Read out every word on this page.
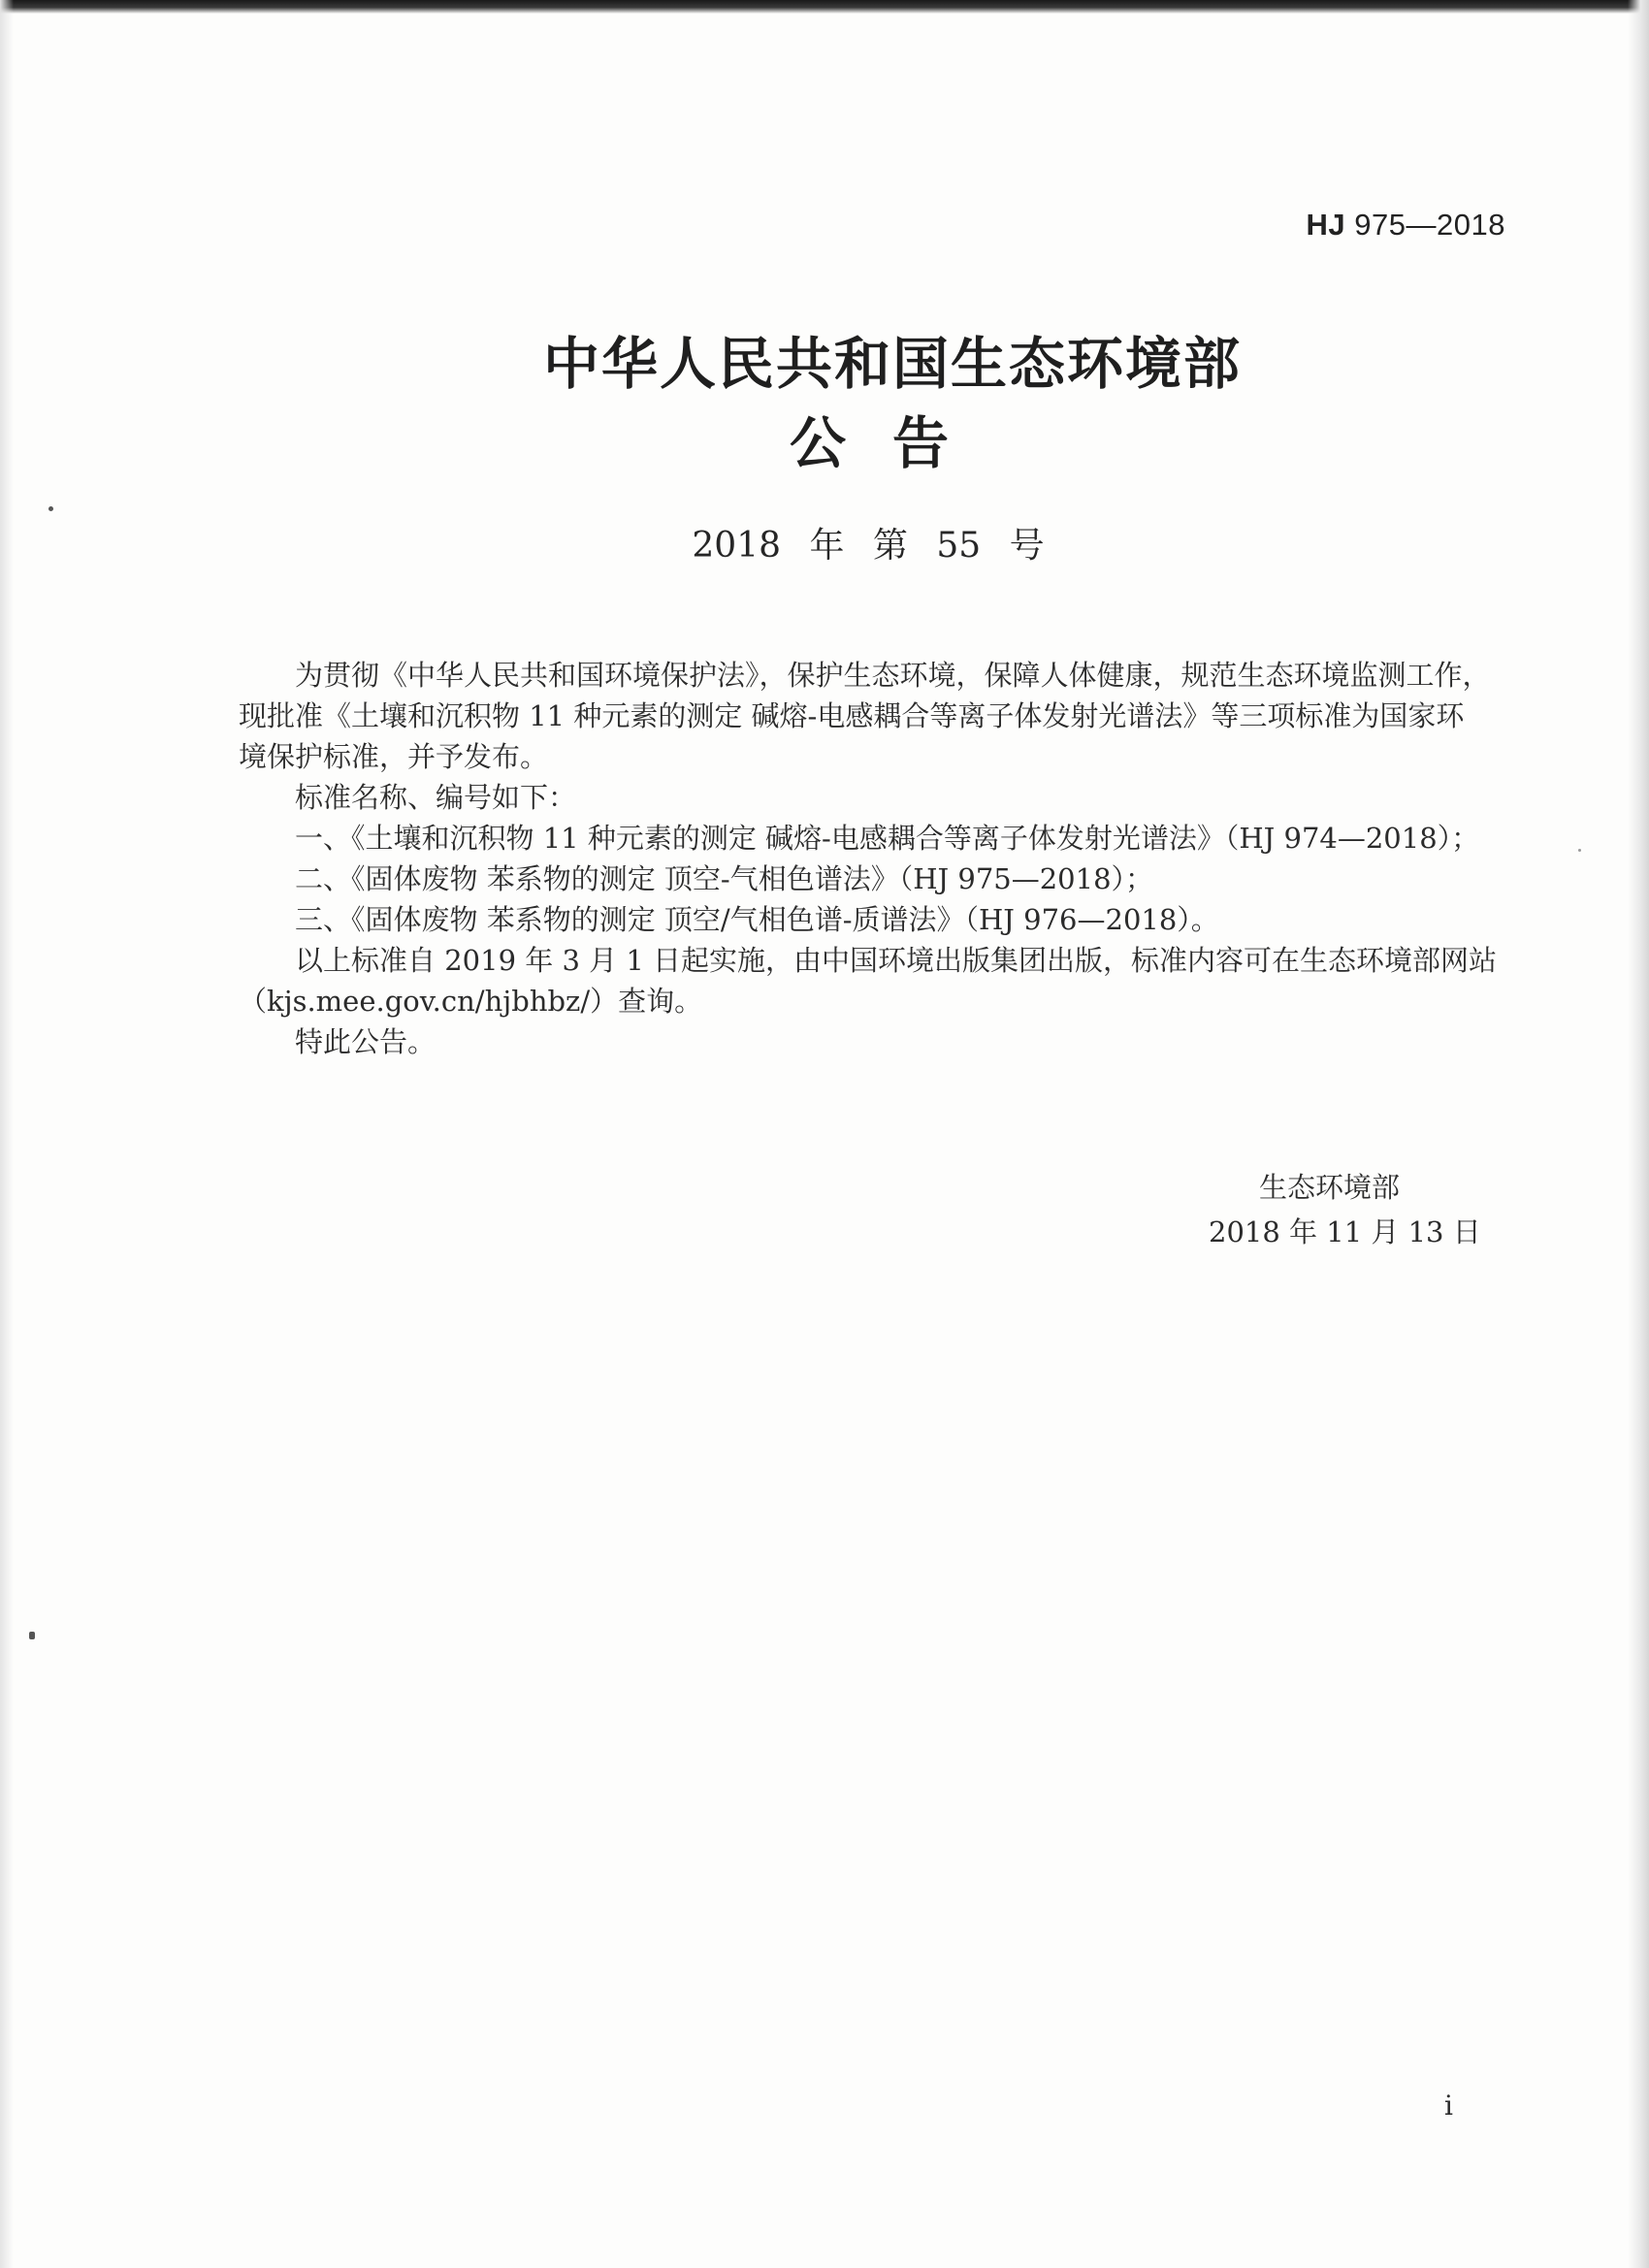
HJ 975—2018
中华人民共和国生态环境部
公告
2018 年 第 55 号

为贯彻《中华人民共和国环境保护法》，保护生态环境，保障人体健康，规范生态环境监测工作，

现批准《土壤和沉积物 11 种元素的测定 碱熔-电感耦合等离子体发射光谱法》等三项标准为国家环

境保护标准，并予发布。

标准名称、编号如下：

一、《土壤和沉积物 11 种元素的测定 碱熔-电感耦合等离子体发射光谱法》（HJ 974—2018）；

二、《固体废物 苯系物的测定 顶空-气相色谱法》（HJ 975—2018）；

三、《固体废物 苯系物的测定 顶空/气相色谱-质谱法》（HJ 976—2018）。

以上标准自 2019 年 3 月 1 日起实施，由中国环境出版集团出版，标准内容可在生态环境部网站

（kjs.mee.gov.cn/hjbhbz/）查询。

特此公告。

生态环境部
2018 年 11 月 13 日
i
